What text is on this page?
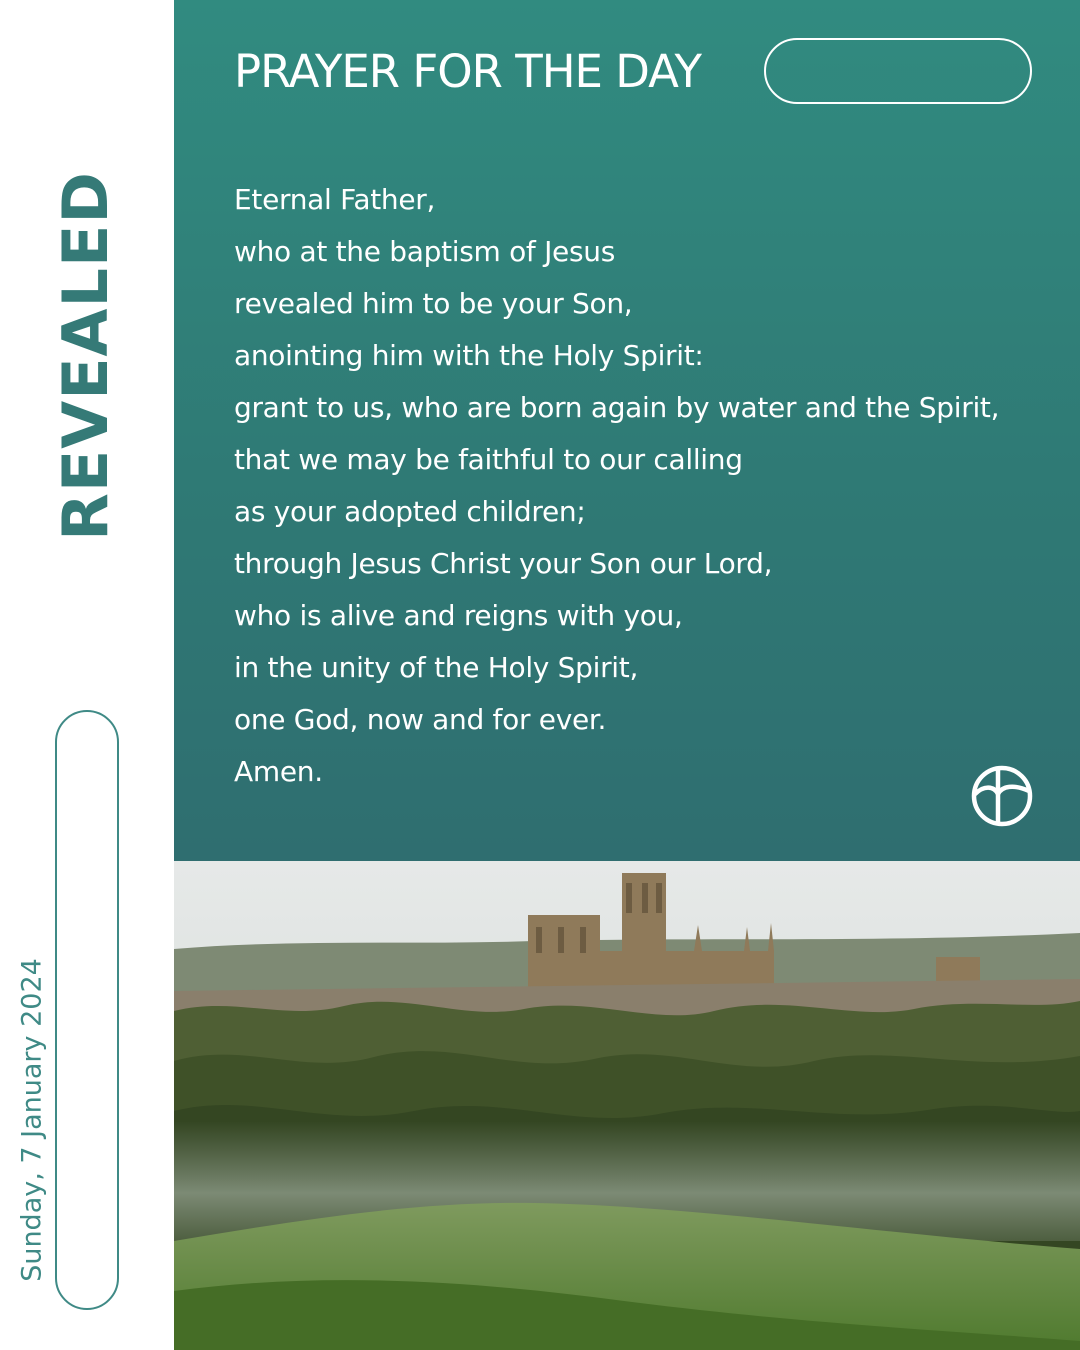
REVEALED
Sunday, 7 January 2024
PRAYER FOR THE DAY
Eternal Father,
who at the baptism of Jesus
revealed him to be your Son,
anointing him with the Holy Spirit:
grant to us, who are born again by water and the Spirit,
that we may be faithful to our calling
as your adopted children;
through Jesus Christ your Son our Lord,
who is alive and reigns with you,
in the unity of the Holy Spirit,
one God, now and for ever.
Amen.
